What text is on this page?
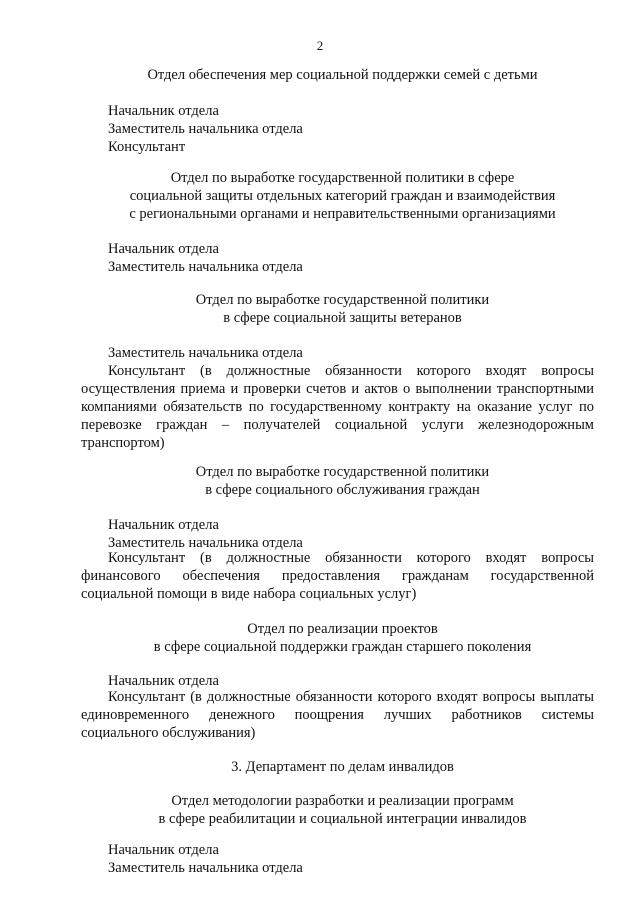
2
Отдел обеспечения мер социальной поддержки семей с детьми
Начальник отдела
Заместитель начальника отдела
Консультант
Отдел по выработке государственной политики в сфере
социальной защиты отдельных категорий граждан и взаимодействия
с региональными органами и неправительственными организациями
Начальник отдела
Заместитель начальника отдела
Отдел по выработке государственной политики
в сфере социальной защиты ветеранов
Заместитель начальника отдела
Консультант (в должностные обязанности которого входят вопросы осуществления приема и проверки счетов и актов о выполнении транспортными компаниями обязательств по государственному контракту на оказание услуг по перевозке граждан – получателей социальной услуги железнодорожным транспортом)
Отдел по выработке государственной политики
в сфере социального обслуживания граждан
Начальник отдела
Заместитель начальника отдела
Консультант (в должностные обязанности которого входят вопросы финансового обеспечения предоставления гражданам государственной социальной помощи в виде набора социальных услуг)
Отдел по реализации проектов
в сфере социальной поддержки граждан старшего поколения
Начальник отдела
Консультант (в должностные обязанности которого входят вопросы выплаты единовременного денежного поощрения лучших работников системы социального обслуживания)
3. Департамент по делам инвалидов
Отдел методологии разработки и реализации программ
в сфере реабилитации и социальной интеграции инвалидов
Начальник отдела
Заместитель начальника отдела
